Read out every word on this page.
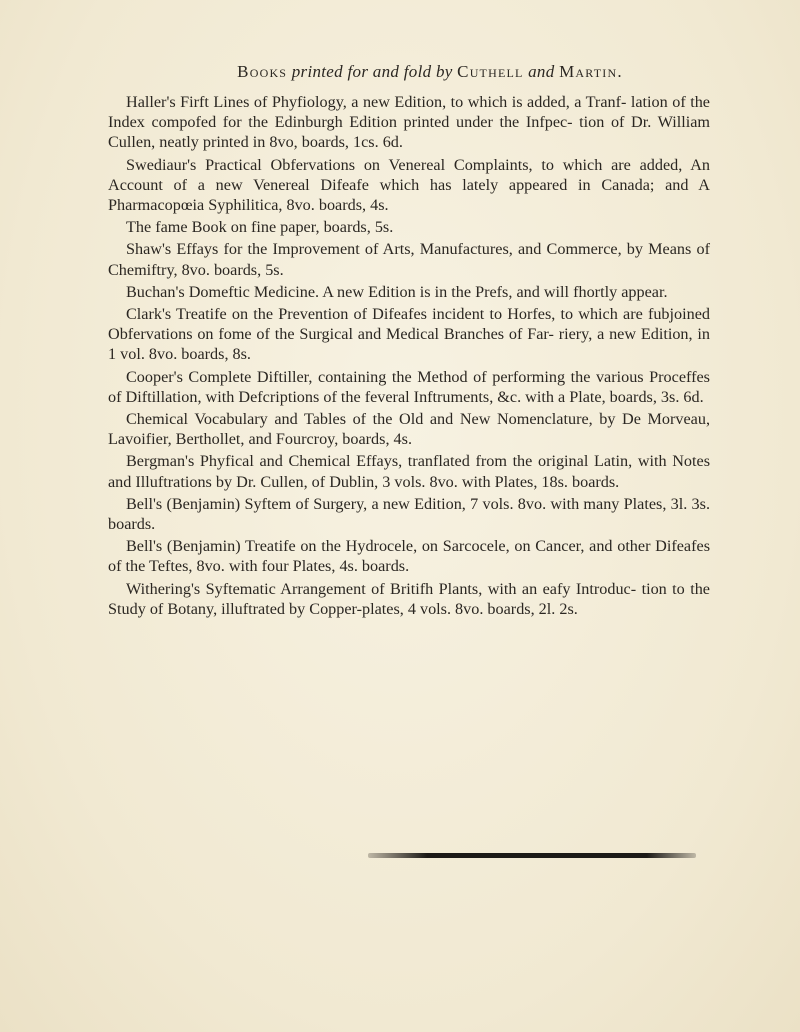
Books printed for and fold by Cuthell and Martin.

Haller's Firft Lines of Phyfiology, a new Edition, to which is added, a Tranf- lation of the Index compofed for the Edinburgh Edition printed under the Infpec- tion of Dr. William Cullen, neatly printed in 8vo, boards, 1cs. 6d.

Swediaur's Practical Obfervations on Venereal Complaints, to which are added, An Account of a new Venereal Difeafe which has lately appeared in Canada; and A Pharmacopœia Syphilitica, 8vo. boards, 4s.

The fame Book on fine paper, boards, 5s.

Shaw's Effays for the Improvement of Arts, Manufactures, and Commerce, by Means of Chemiftry, 8vo. boards, 5s.

Buchan's Domeftic Medicine. A new Edition is in the Prefs, and will fhortly appear.

Clark's Treatife on the Prevention of Difeafes incident to Horfes, to which are fubjoined Obfervations on fome of the Surgical and Medical Branches of Far- riery, a new Edition, in 1 vol. 8vo. boards, 8s.

Cooper's Complete Diftiller, containing the Method of performing the various Proceffes of Diftillation, with Defcriptions of the feveral Inftruments, &c. with a Plate, boards, 3s. 6d.

Chemical Vocabulary and Tables of the Old and New Nomenclature, by De Morveau, Lavoifier, Berthollet, and Fourcroy, boards, 4s.

Bergman's Phyfical and Chemical Effays, tranflated from the original Latin, with Notes and Illuftrations by Dr. Cullen, of Dublin, 3 vols. 8vo. with Plates, 18s. boards.

Bell's (Benjamin) Syftem of Surgery, a new Edition, 7 vols. 8vo. with many Plates, 3l. 3s. boards.

Bell's (Benjamin) Treatife on the Hydrocele, on Sarcocele, on Cancer, and other Difeafes of the Teftes, 8vo. with four Plates, 4s. boards.

Withering's Syftematic Arrangement of Britifh Plants, with an eafy Introduc- tion to the Study of Botany, illuftrated by Copper-plates, 4 vols. 8vo. boards, 2l. 2s.
